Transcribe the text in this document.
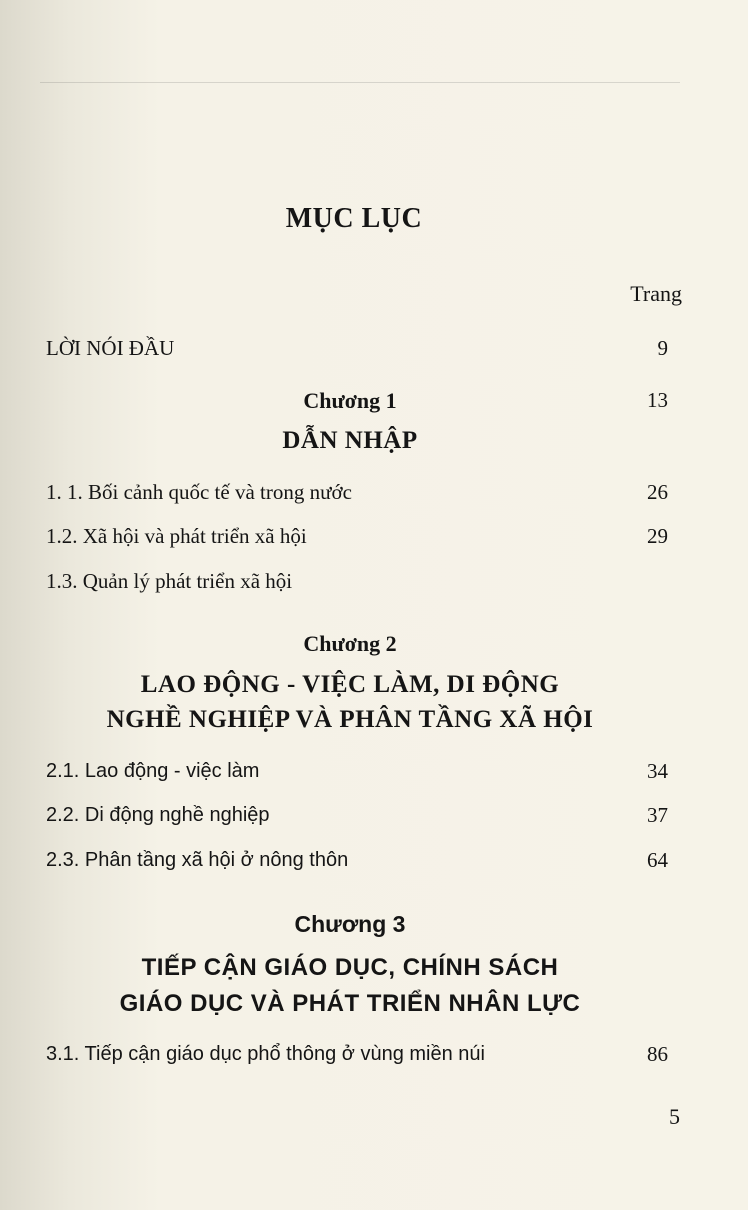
MỤC LỤC
Trang
LỜI NÓI ĐẦU	9
Chương 1	13
DẪN NHẬP
1. 1. Bối cảnh quốc tế và trong nước	26
1.2. Xã hội và phát triển xã hội	29
1.3. Quản lý phát triển xã hội
Chương 2
LAO ĐỘNG - VIỆC LÀM, DI ĐỘNG
NGHỀ NGHIỆP VÀ PHÂN TẦNG XÃ HỘI
2.1. Lao động - việc làm	34
2.2. Di động nghề nghiệp	37
2.3. Phân tầng xã hội ở nông thôn	64
Chương 3
TIẾP CẬN GIÁO DỤC, CHÍNH SÁCH
GIÁO DỤC VÀ PHÁT TRIỂN NHÂN LỰC
3.1. Tiếp cận giáo dục phổ thông ở vùng miền núi	86
5
